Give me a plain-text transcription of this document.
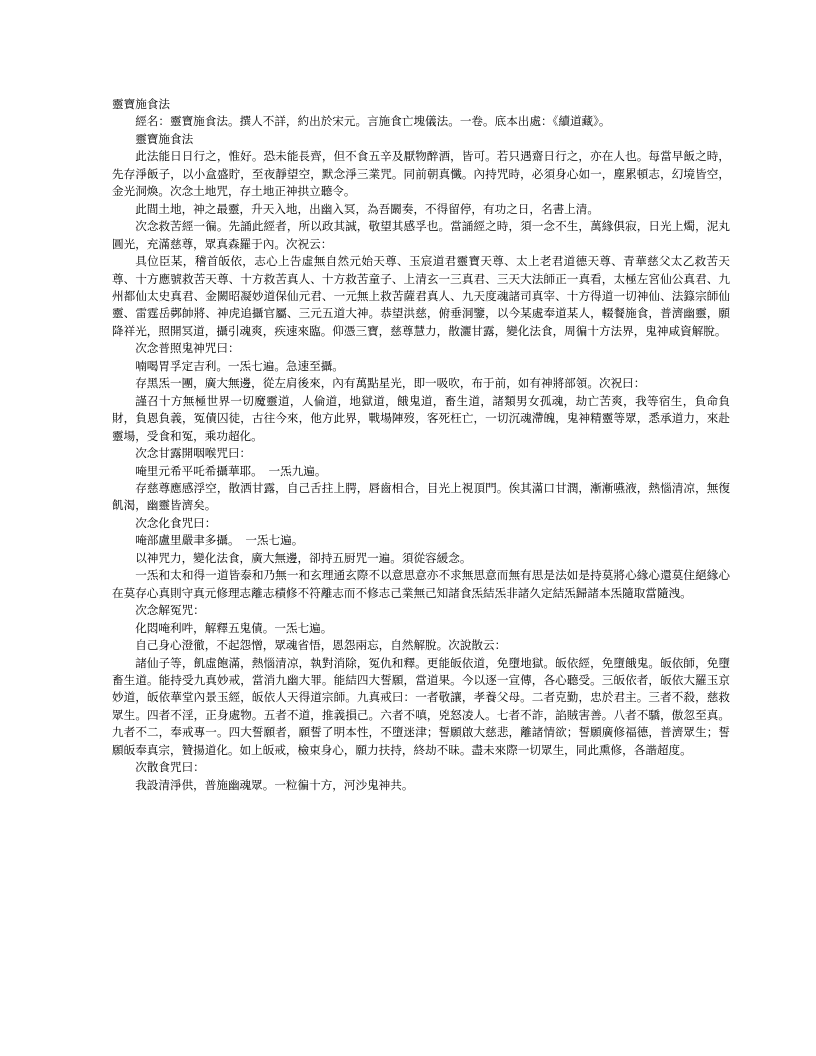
靈寶施食法

經名：靈寶施食法。撰人不詳，約出於宋元。言施食亡塊儀法。一卷。底本出處：《續道藏》。

靈寶施食法

此法能日日行之，惟好。恐未能長齊，但不食五辛及厭物醉酒，皆可。若只遇齋日行之，亦在人也。每當早飯之時，先存淨飯子，以小盒盛貯，至夜靜望空，默念淨三業咒。同前朝真懺。內持咒時，必須身心如一，塵累頓志，幻境皆空，金光洞煥。次念土地咒，存土地正神拱立聽令。

此間土地，神之最靈，升天入地，出幽入冥，為吾闞奏，不得留停，有功之日，名書上清。

次念救苦經一徧。先誦此經者，所以政其誠，敬望其感孚也。當誦經之時，須一念不生，萬緣俱寂，日光上燭，泥丸圓光，充滿慈尊，眾真森羅于內。次祝云：

具位臣某，稽首皈依，志心上告虛無自然元始天尊、玉宸道君靈寶天尊、太上老君道德天尊、青華慈父太乙救苦天尊、十方應號救苦天尊、十方救苦真人、十方救苦童子、上清玄一三真君、三天大法師正一真看，太極左宮仙公真君、九州都仙太史真君、金闕昭凝妙道保仙元君、一元無上救苦薩君真人、九天度魂諸司真宰、十方得道一切神仙、法籙宗師仙靈、雷霆岳鄸帥將、神虎追攝官屬、三元五道大神。恭望洪慈，俯垂洞鑒，以今某處奉道某人，輟餐施食，普濟幽靈，願降祥光，照開冥道，攝引魂爽，疾速來臨。仰憑三寶，慈尊慧力，散灑甘露，變化法食，周徧十方法界，鬼神咸資解脫。

次念普照鬼神咒曰：

喃喝胃孚定吉利。一炁七遍。急速至攝。

存黑炁一團，廣大無邊，從左肩後來，內有萬點星光，即一吸吹，布于前，如有神將部領。次祝曰：

謹召十方無極世界一切魔靈道，人倫道，地獄道，餓鬼道，畜生道，諸類男女孤魂，劫亡苦爽，我等宿生，負命負財，負恩負義，冤債囚徒，古往今來，他方此界，戰場陣歿，客死枉亡，一切沉魂滯魄，鬼神精靈等眾，悉承道力，來赴靈場，受食和冤，乘功超化。

次念甘露開咽喉咒曰：

唵里元希平吒希攝華耶。　一炁九遍。

存慈尊應感浮空，散洒甘露，自己舌拄上腭，唇齒相合，目光上視頂門。俟其滿口甘潤，漸漸嚥液，熱惱清凉，無復飢渴，幽靈皆濟矣。

次念化食咒曰：

唵部盧里嚴聿多攝。　一炁七遍。

以神咒力，變化法食，廣大無邊，卻持五厨咒一遍。須從容緩念。

一炁和太和得一道皆泰和乃無一和玄理通玄際不以意思意亦不求無思意而無有思是法如是持莫將心緣心還莫住絕緣心在莫存心真則守真元修理志離志積修不符離志而不修志己業無己知諸食炁結炁非諸久定結炁歸諸本炁隨取當隨洩。

次念解冤咒：

化悶唵利吽，解釋五鬼債。一炁七遍。

自己身心澄徹，不起怨憎，眾魂省悟，恩怨兩忘，自然解脫。次說散云：

諸仙子等，飢虛飽滿，熱惱清凉，執對消除，冤仇和釋。更能皈依道，免墮地獄。皈依經，免墮餓鬼。皈依師，免墮畜生道。能持受九真妙戒，當消九幽大罪。能結四大誓願，當道果。今以逐一宣傳，各心聽受。三皈依者，皈依大羅玉京妙道，皈依華堂內景玉經，皈依人天得道宗師。九真戒曰：一者敬讓，孝養父母。二者克勤，忠於君主。三者不殺，慈救眾生。四者不淫，正身處物。五者不道，推義損己。六者不嗔，兇怒凌人。七者不詐，諂賊害善。八者不驕，傲忽至真。九者不二，奉戒專一。四大誓願者，願誓了明本性，不墮迷津；誓願啟大慈悲，離諸情欲；誓願廣修福德，普濟眾生；誓願皈奉真宗，贊揚道化。如上皈戒，檢束身心，願力扶持，終劫不昧。盡未來際一切眾生，同此熏修，各諧超度。

次散食咒曰：

我設清淨供，普施幽魂眾。一粒徧十方，河沙鬼神共。
